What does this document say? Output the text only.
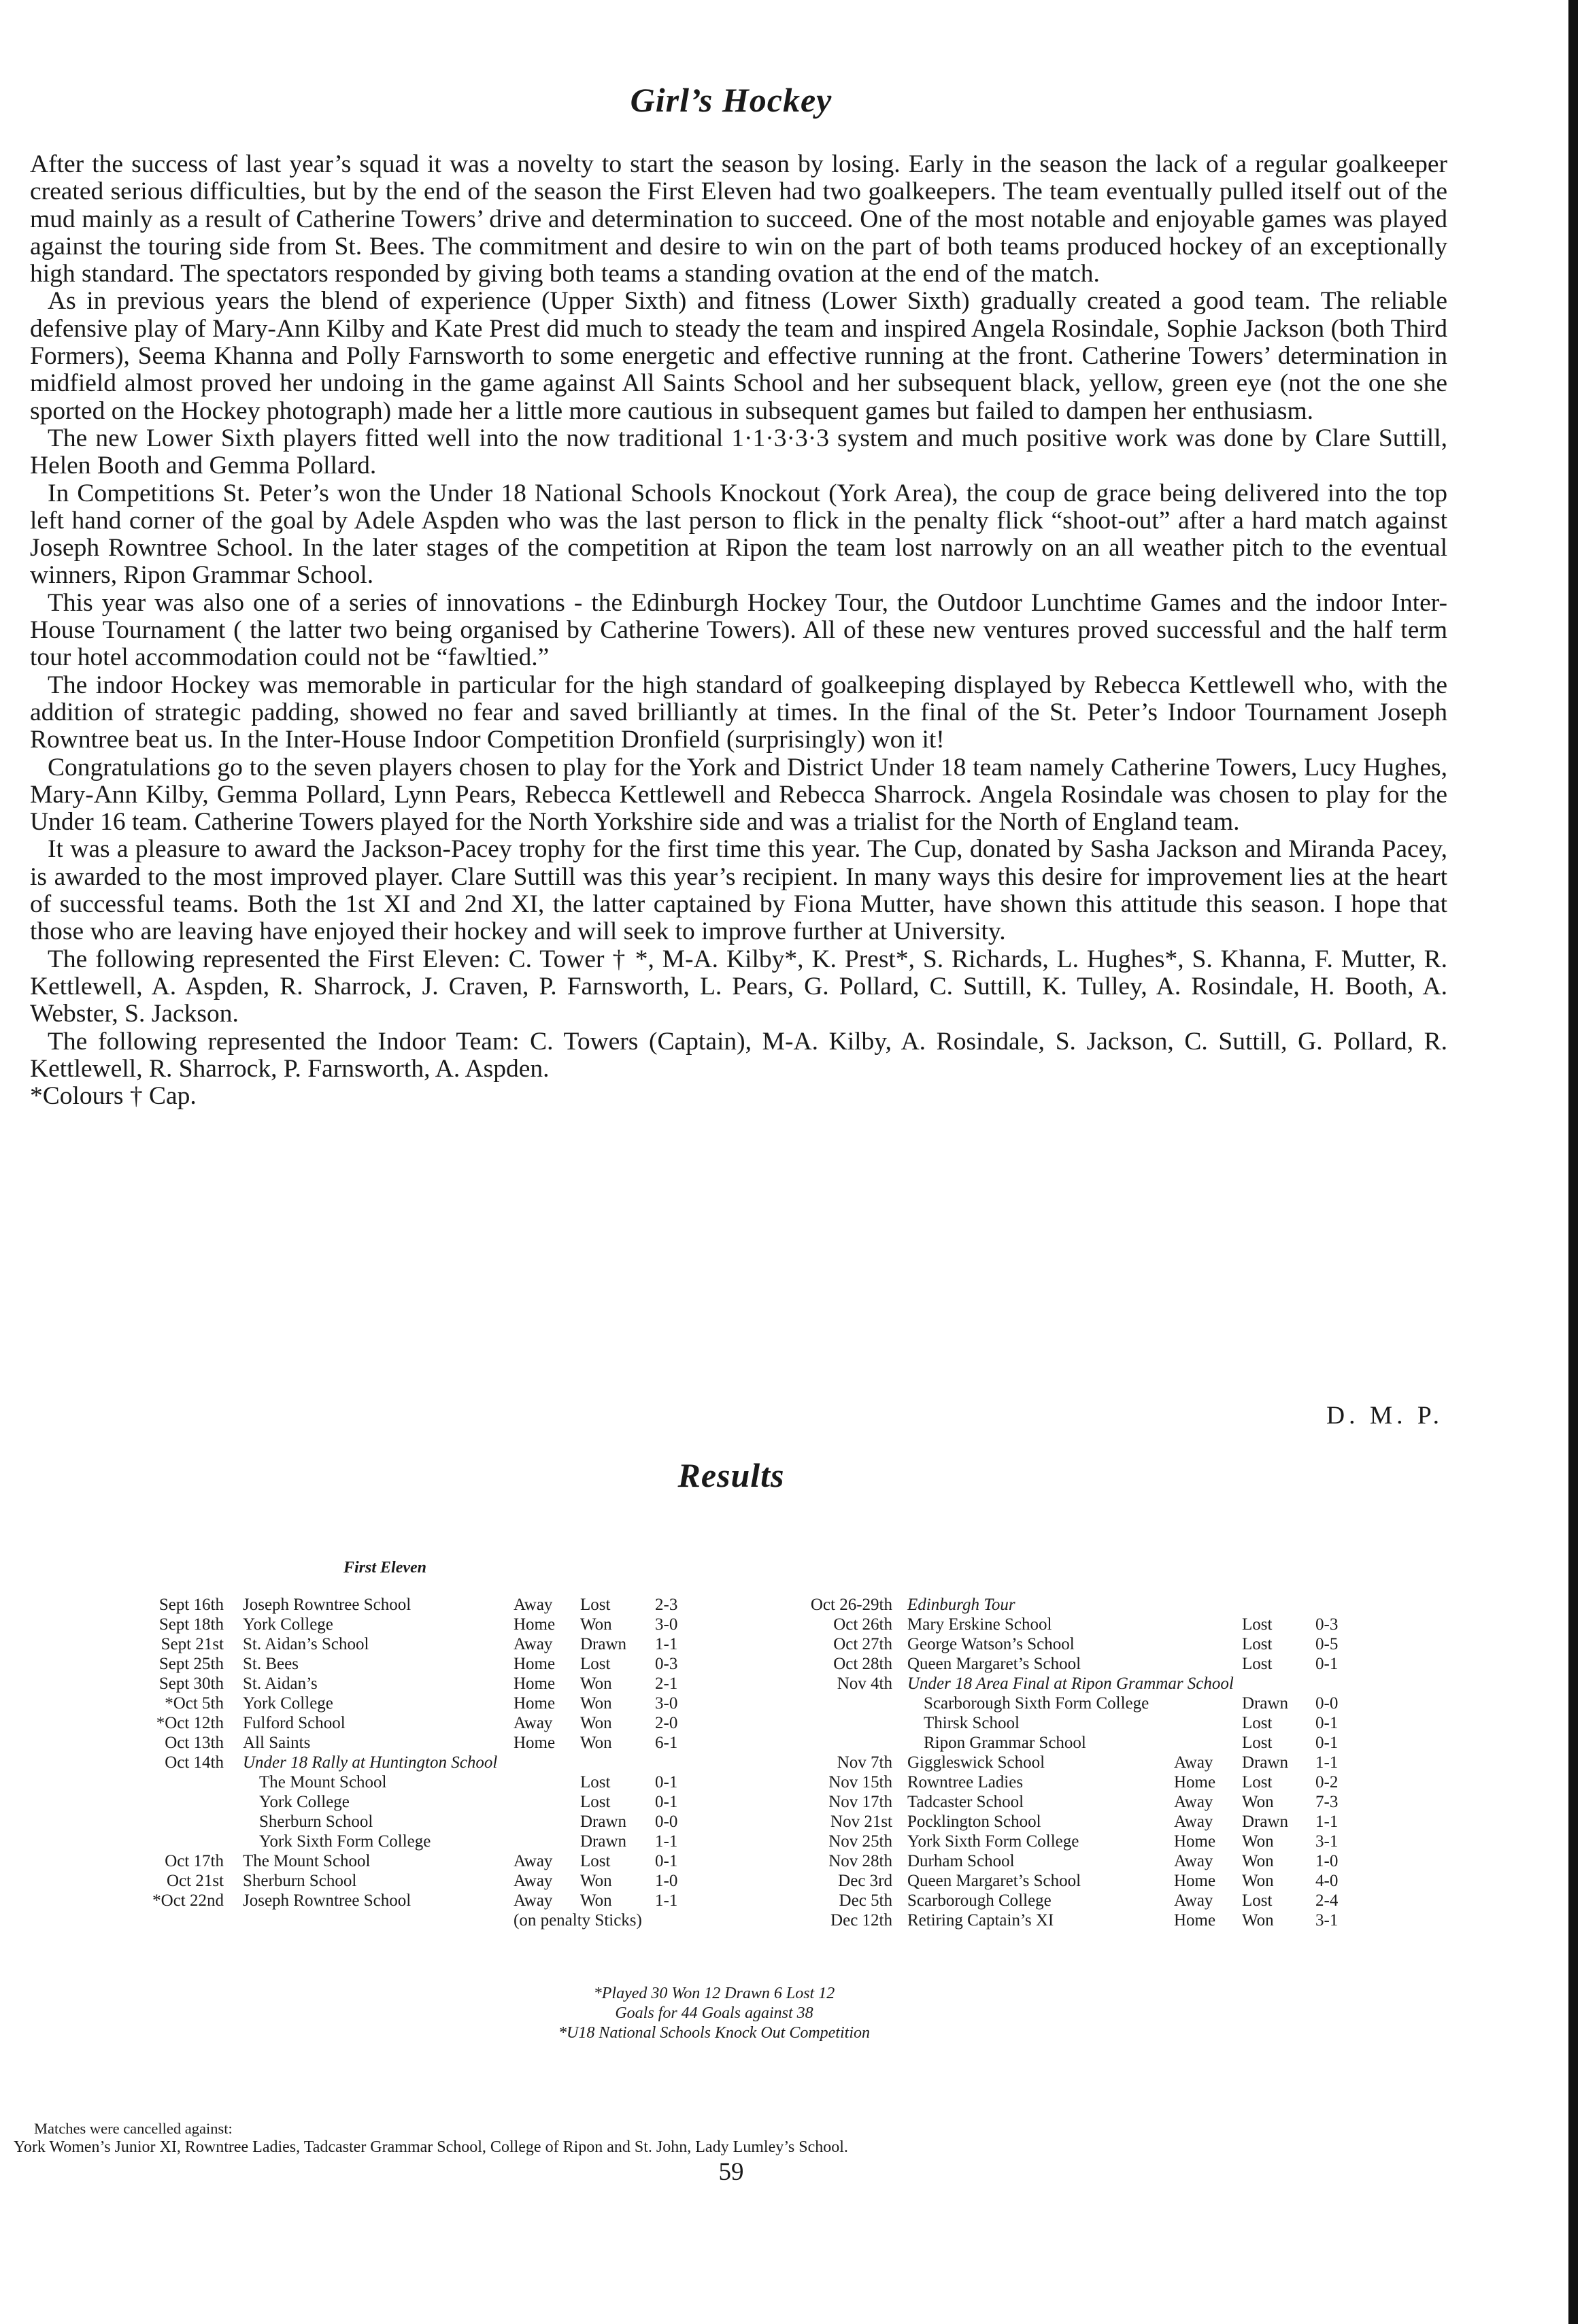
Girl’s Hockey

After the success of last year’s squad it was a novelty to start the season by losing. Early in the season the lack of a regular goalkeeper created serious difficulties, but by the end of the season the First Eleven had two goalkeepers. The team eventually pulled itself out of the mud mainly as a result of Catherine Towers’ drive and determination to succeed. One of the most notable and enjoyable games was played against the touring side from St. Bees. The commitment and desire to win on the part of both teams produced hockey of an exceptionally high standard. The spectators responded by giving both teams a standing ovation at the end of the match.

As in previous years the blend of experience (Upper Sixth) and fitness (Lower Sixth) gradually created a good team. The reliable defensive play of Mary-Ann Kilby and Kate Prest did much to steady the team and inspired Angela Rosindale, Sophie Jackson (both Third Formers), Seema Khanna and Polly Farnsworth to some energetic and effective running at the front. Catherine Towers’ determination in midfield almost proved her undoing in the game against All Saints School and her subsequent black, yellow, green eye (not the one she sported on the Hockey photograph) made her a little more cautious in subsequent games but failed to dampen her enthusiasm.

The new Lower Sixth players fitted well into the now traditional 1·1·3·3·3 system and much positive work was done by Clare Suttill, Helen Booth and Gemma Pollard.

In Competitions St. Peter’s won the Under 18 National Schools Knockout (York Area), the coup de grace being delivered into the top left hand corner of the goal by Adele Aspden who was the last person to flick in the penalty flick “shoot-out” after a hard match against Joseph Rowntree School. In the later stages of the competition at Ripon the team lost narrowly on an all weather pitch to the eventual winners, Ripon Grammar School.

This year was also one of a series of innovations - the Edinburgh Hockey Tour, the Outdoor Lunchtime Games and the indoor Inter-House Tournament ( the latter two being organised by Catherine Towers). All of these new ventures proved successful and the half term tour hotel accommodation could not be “fawltied.”

The indoor Hockey was memorable in particular for the high standard of goalkeeping displayed by Rebecca Kettlewell who, with the addition of strategic padding, showed no fear and saved brilliantly at times. In the final of the St. Peter’s Indoor Tournament Joseph Rowntree beat us. In the Inter-House Indoor Competition Dronfield (surprisingly) won it!

Congratulations go to the seven players chosen to play for the York and District Under 18 team namely Catherine Towers, Lucy Hughes, Mary-Ann Kilby, Gemma Pollard, Lynn Pears, Rebecca Kettlewell and Rebecca Sharrock. Angela Rosindale was chosen to play for the Under 16 team. Catherine Towers played for the North Yorkshire side and was a trialist for the North of England team.

It was a pleasure to award the Jackson-Pacey trophy for the first time this year. The Cup, donated by Sasha Jackson and Miranda Pacey, is awarded to the most improved player. Clare Suttill was this year’s recipient. In many ways this desire for improvement lies at the heart of successful teams. Both the 1st XI and 2nd XI, the latter captained by Fiona Mutter, have shown this attitude this season. I hope that those who are leaving have enjoyed their hockey and will seek to improve further at University.

The following represented the First Eleven: C. Tower † *, M-A. Kilby*, K. Prest*, S. Richards, L. Hughes*, S. Khanna, F. Mutter, R. Kettlewell, A. Aspden, R. Sharrock, J. Craven, P. Farnsworth, L. Pears, G. Pollard, C. Suttill, K. Tulley, A. Rosindale, H. Booth, A. Webster, S. Jackson.

The following represented the Indoor Team: C. Towers (Captain), M-A. Kilby, A. Rosindale, S. Jackson, C. Suttill, G. Pollard, R. Kettlewell, R. Sharrock, P. Farnsworth, A. Aspden.

*Colours † Cap.

D. M. P.
Results
First Eleven
Sept 16th	Joseph Rowntree School	Away	Lost	2-3
Sept 18th	York College	Home	Won	3-0
Sept 21st	St. Aidan’s School	Away	Drawn	1-1
Sept 25th	St. Bees	Home	Lost	0-3
Sept 30th	St. Aidan’s	Home	Won	2-1
*Oct 5th	York College	Home	Won	3-0
*Oct 12th	Fulford School	Away	Won	2-0
Oct 13th	All Saints	Home	Won	6-1
Oct 14th	Under 18 Rally at Huntington School			
	The Mount School		Lost	0-1
	York College		Lost	0-1
	Sherburn School		Drawn	0-0
	York Sixth Form College		Drawn	1-1
Oct 17th	The Mount School	Away	Lost	0-1
Oct 21st	Sherburn School	Away	Won	1-0
*Oct 22nd	Joseph Rowntree School	Away	Won	1-1
		(on penalty Sticks)		
Oct 26-29th	Edinburgh Tour			
Oct 26th	Mary Erskine School		Lost	0-3
Oct 27th	George Watson’s School		Lost	0-5
Oct 28th	Queen Margaret’s School		Lost	0-1
Nov 4th	Under 18 Area Final at Ripon Grammar School			
	Scarborough Sixth Form College		Drawn	0-0
	Thirsk School		Lost	0-1
	Ripon Grammar School		Lost	0-1
Nov 7th	Giggleswick School	Away	Drawn	1-1
Nov 15th	Rowntree Ladies	Home	Lost	0-2
Nov 17th	Tadcaster School	Away	Won	7-3
Nov 21st	Pocklington School	Away	Drawn	1-1
Nov 25th	York Sixth Form College	Home	Won	3-1
Nov 28th	Durham School	Away	Won	1-0
Dec 3rd	Queen Margaret’s School	Home	Won	4-0
Dec 5th	Scarborough College	Away	Lost	2-4
Dec 12th	Retiring Captain’s XI	Home	Won	3-1
*Played 30 Won 12 Drawn 6 Lost 12
Goals for 44 Goals against 38
*U18 National Schools Knock Out Competition
Matches were cancelled against:
York Women’s Junior XI, Rowntree Ladies, Tadcaster Grammar School, College of Ripon and St. John, Lady Lumley’s School.
59
